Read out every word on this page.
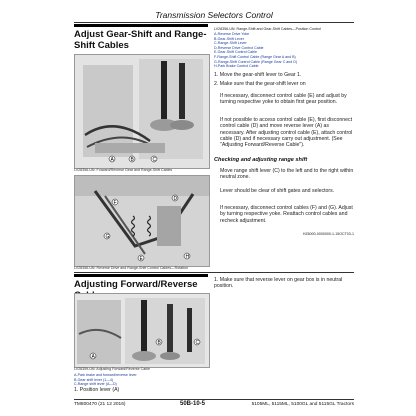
Transmission Selectors Control
Adjust Gear-Shift and Range-Shift Cables
A	B	C
LV28356-UN: Forward/Reverse Gear and Range-Shift Cables
F
D
G
E	H
LV28356-UN: Reverse Drive and Range-Shift Control Cables—Rotation
LV28356-UN: Range-Shift and Gear-Shift Cables—Position Control
A-Reverse Drive Yoke
B-Gear-Shift Lever
C-Range-Shift Lever
D-Reverse Drive Control Cable
E-Gear-Shift Control Cable
F-Range-Shift Control Cable (Range Gear A and B)
G-Range-Shift Control Cable (Range Gear C and D)
H-Park Brake Control Cable
1. Move the gear-shift lever to Gear 1.
2. Make sure that the gear-shift lever on
If necessary, disconnect control cable (E) and adjust by turning respective yoke to obtain first gear position.
If not possible to access control cable (E), first disconnect control cable (D) and move reverse lever (A) as necessary. After adjusting control cable (E), attach control cable (D) and if necessary carry out adjustment. (See "Adjusting Forward/Reverse Cable").
Checking and adjusting range shift
Move range shift lever (C) to the left and to the right within neutral zone.
Lever should be clear of shift gates and selectors.
If necessary, disconnect control cables (F) and (G). Adjust by turning respective yoke. Reattach control cables and recheck adjustment.
HZ6000-0000000-1-15OCT03-1
Adjusting Forward/Reverse	1. Make sure that reverse lever on gear box is in neutral position.
A
B	C
LV28359-UN: Adjusting Forward/Reverse Cable
A-Park brake and forward/reverse lever
B-Gear shift lever (1—4)
C-Range shift lever (A—D)
1. Position lever (A)
TM800470 (21 12 2016)	50B-10-5	5105ML, 5115ML, 5100GL and 5115GL Tractors
